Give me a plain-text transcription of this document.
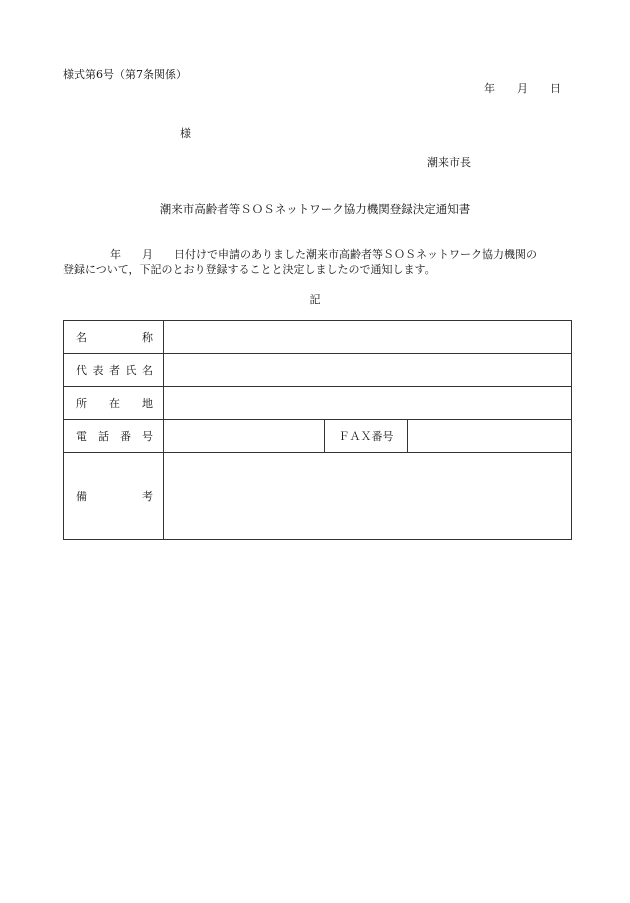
様式第6号（第7条関係）
年 月 日
様
潮来市長
潮来市高齢者等ＳＯＳネットワーク協力機関登録決定通知書
年 月 日付けで申請のありました潮来市高齢者等ＳＯＳネットワーク協力機関の
登録について，下記のとおり登録することと決定しましたので通知します。
記
名 称			

代 表 者 氏 名			

所 在 地			

電 話 番 号		ＦＡＸ番号	

備 考			
